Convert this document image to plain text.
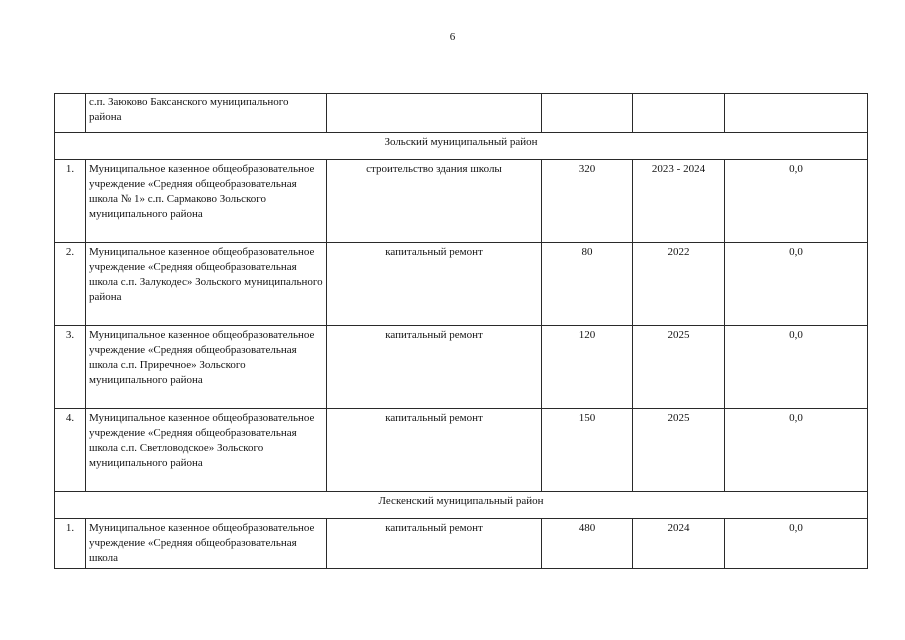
6
	с.п. Заюково Баксанского муниципального района				
Зольский муниципальный район					
1.	Муниципальное казенное общеобразовательное учреждение «Средняя общеобразовательная школа № 1» с.п. Сармаково Зольского муниципального района	строительство здания школы	320	2023 - 2024	0,0
2.	Муниципальное казенное общеобразовательное учреждение «Средняя общеобразовательная школа с.п. Залукодес» Зольского муниципального района	капитальный ремонт	80	2022	0,0
3.	Муниципальное казенное общеобразовательное учреждение «Средняя общеобразовательная школа с.п. Приречное» Зольского муниципального района	капитальный ремонт	120	2025	0,0
4.	Муниципальное казенное общеобразовательное учреждение «Средняя общеобразовательная школа с.п. Светловодское» Зольского муниципального района	капитальный ремонт	150	2025	0,0
Лескенский муниципальный район					
1.	Муниципальное казенное общеобразовательное учреждение «Средняя общеобразовательная школа	капитальный ремонт	480	2024	0,0
